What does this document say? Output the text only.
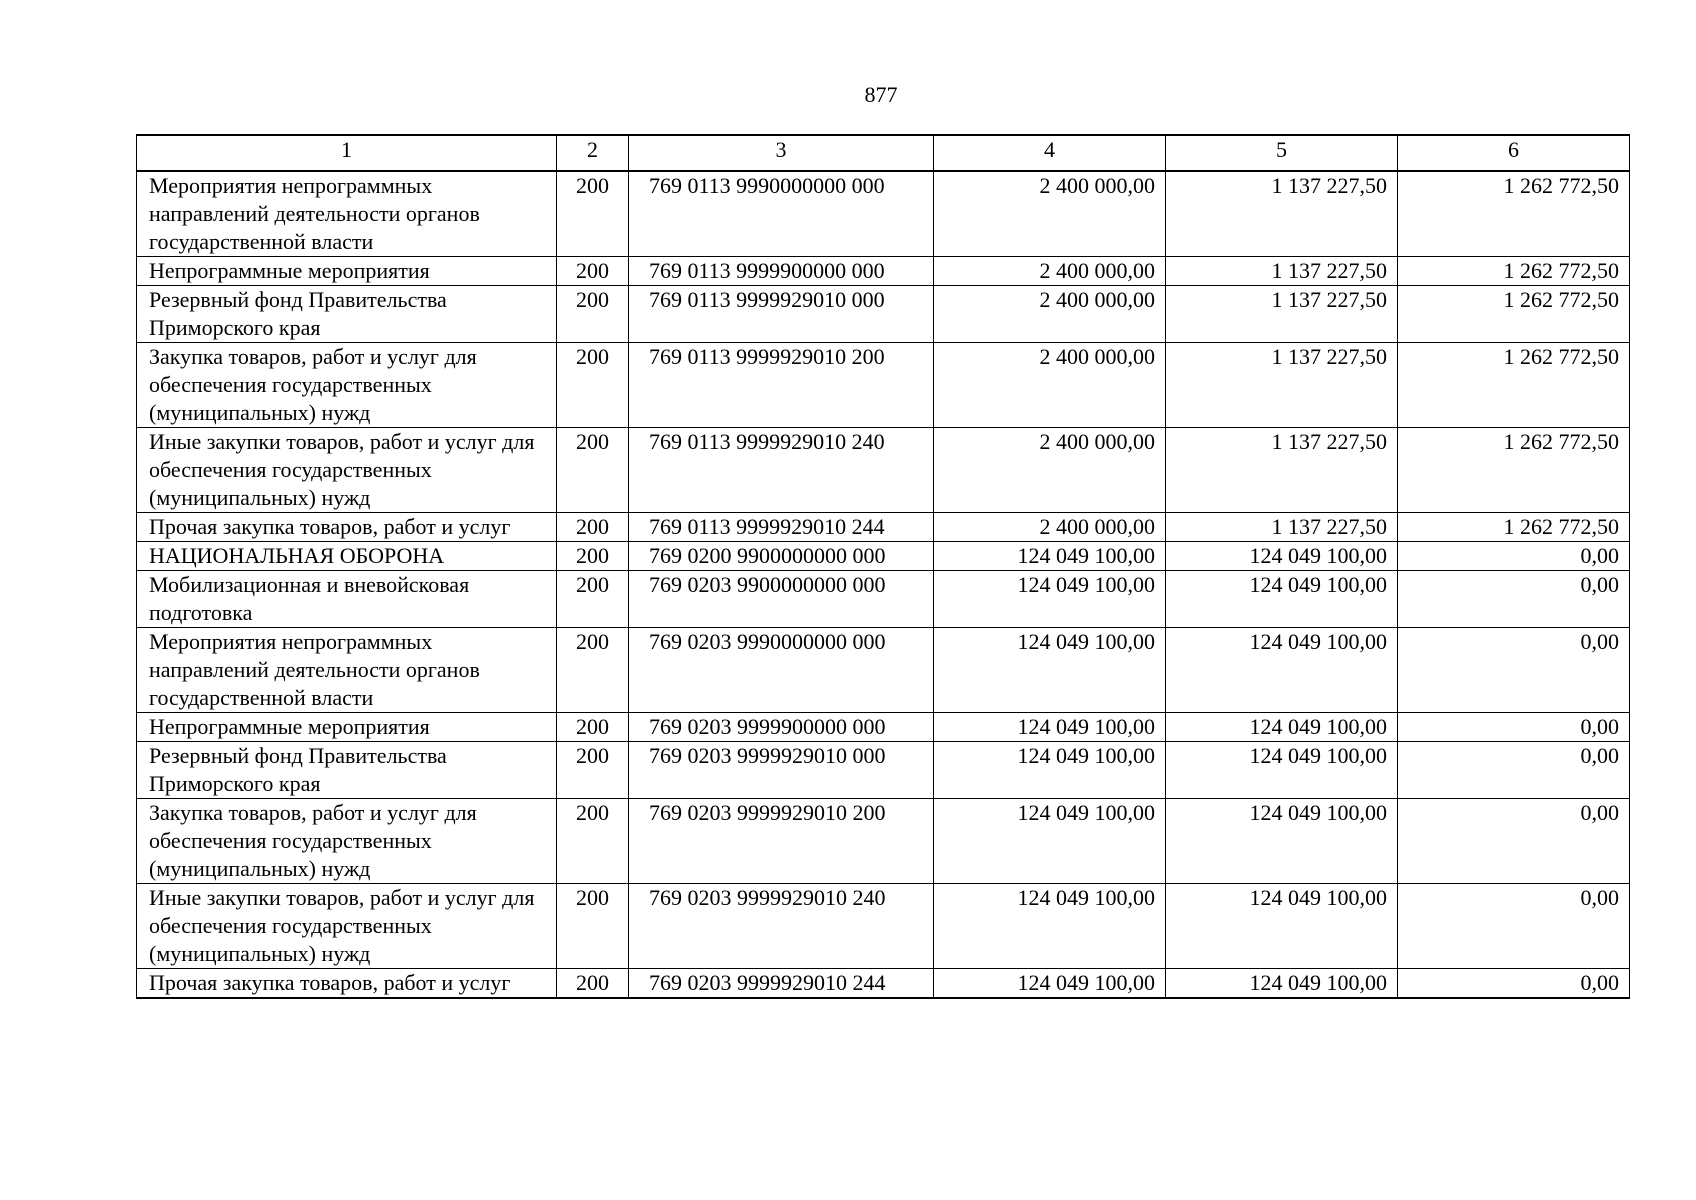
877
1	2	3	4	5	6
Мероприятия непрограммных направлений деятельности органов государственной власти	200	769 0113 9990000000 000	2 400 000,00	1 137 227,50	1 262 772,50
Непрограммные мероприятия	200	769 0113 9999900000 000	2 400 000,00	1 137 227,50	1 262 772,50
Резервный фонд Правительства Приморского края	200	769 0113 9999929010 000	2 400 000,00	1 137 227,50	1 262 772,50
Закупка товаров, работ и услуг для обеспечения государственных (муниципальных) нужд	200	769 0113 9999929010 200	2 400 000,00	1 137 227,50	1 262 772,50
Иные закупки товаров, работ и услуг для обеспечения государственных (муниципальных) нужд	200	769 0113 9999929010 240	2 400 000,00	1 137 227,50	1 262 772,50
Прочая закупка товаров, работ и услуг	200	769 0113 9999929010 244	2 400 000,00	1 137 227,50	1 262 772,50
НАЦИОНАЛЬНАЯ ОБОРОНА	200	769 0200 9900000000 000	124 049 100,00	124 049 100,00	0,00
Мобилизационная и вневойсковая подготовка	200	769 0203 9900000000 000	124 049 100,00	124 049 100,00	0,00
Мероприятия непрограммных направлений деятельности органов государственной власти	200	769 0203 9990000000 000	124 049 100,00	124 049 100,00	0,00
Непрограммные мероприятия	200	769 0203 9999900000 000	124 049 100,00	124 049 100,00	0,00
Резервный фонд Правительства Приморского края	200	769 0203 9999929010 000	124 049 100,00	124 049 100,00	0,00
Закупка товаров, работ и услуг для обеспечения государственных (муниципальных) нужд	200	769 0203 9999929010 200	124 049 100,00	124 049 100,00	0,00
Иные закупки товаров, работ и услуг для обеспечения государственных (муниципальных) нужд	200	769 0203 9999929010 240	124 049 100,00	124 049 100,00	0,00
Прочая закупка товаров, работ и услуг	200	769 0203 9999929010 244	124 049 100,00	124 049 100,00	0,00
